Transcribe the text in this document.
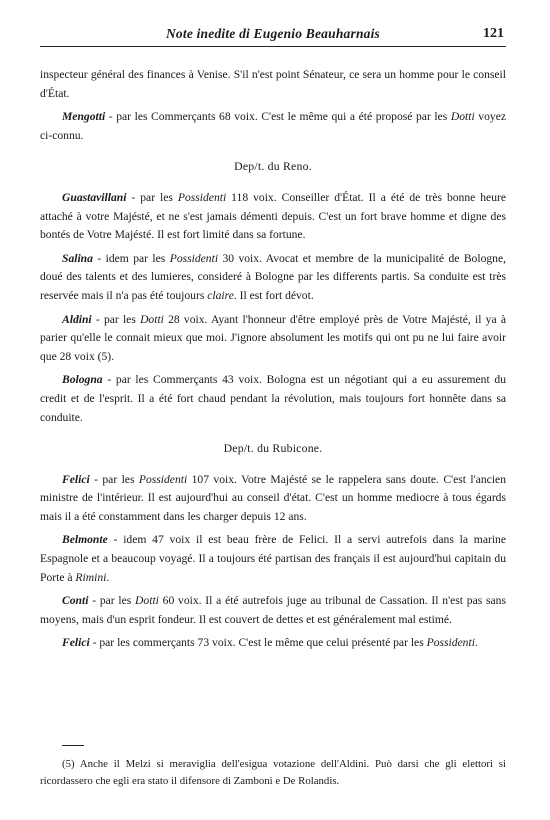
Note inedite di Eugenio Beauharnais	121

inspecteur général des finances à Venise. S'il n'est point Sénateur, ce sera un homme pour le conseil d'État.

Mengotti - par les Commerçants 68 voix. C'est le même qui a été proposé par les Dotti voyez ci-connu.

Dep/t. du Reno.

Guastavillani - par les Possidenti 118 voix. Conseiller d'État. Il a été de très bonne heure attaché à votre Majésté, et ne s'est jamais démenti depuis. C'est un fort brave homme et digne des bontés de Votre Majésté. Il est fort limité dans sa fortune.

Salina - idem par les Possidenti 30 voix. Avocat et membre de la municipalité de Bologne, doué des talents et des lumieres, consideré à Bologne par les differents partis. Sa conduite est très reservée mais il n'a pas été toujours claire. Il est fort dévot.

Aldini - par les Dotti 28 voix. Ayant l'honneur d'être employé près de Votre Majésté, il ya à parier qu'elle le connait mieux que moi. J'ignore absolument les motifs qui ont pu ne lui faire avoir que 28 voix (5).

Bologna - par les Commerçants 43 voix. Bologna est un négotiant qui a eu assurement du credit et de l'esprit. Il a été fort chaud pendant la révolution, mais toujours fort honnête dans sa conduite.

Dep/t. du Rubicone.

Felici - par les Possidenti 107 voix. Votre Majésté se le rappelera sans doute. C'est l'ancien ministre de l'intérieur. Il est aujourd'hui au conseil d'état. C'est un homme mediocre à tous égards mais il a été constamment dans les charger depuis 12 ans.

Belmonte - idem 47 voix il est beau frère de Felici. Il a servi autrefois dans la marine Espagnole et a beaucoup voyagé. Il a toujours été partisan des français il est aujourd'hui capitain du Porte à Rimini.

Conti - par les Dotti 60 voix. Il a été autrefois juge au tribunal de Cassation. Il n'est pas sans moyens, mais d'un esprit fondeur. Il est couvert de dettes et est généralement mal estimé.

Felici - par les commerçants 73 voix. C'est le même que celui présenté par les Possidenti.

(5) Anche il Melzi si meraviglia dell'esigua votazione dell'Aldini. Può darsi che gli elettori si ricordassero che egli era stato il difensore di Zamboni e De Rolandis.
